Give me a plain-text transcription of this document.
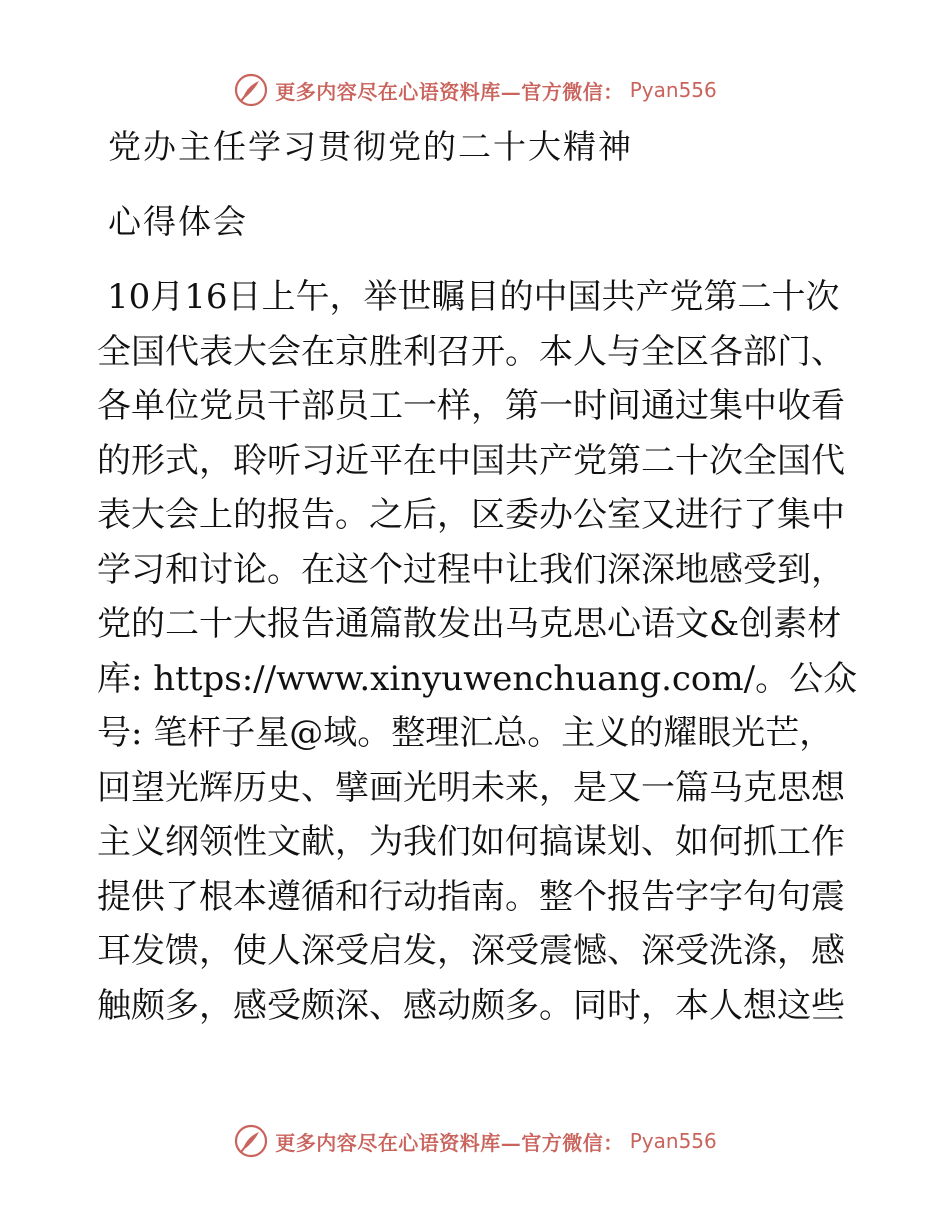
更多内容尽在心语资料库—官方微信： Pyan556
党办主任学习贯彻党的二十大精神
心得体会
10月16日上午，举世瞩目的中国共产党第二十次
全国代表大会在京胜利召开。本人与全区各部门、
各单位党员干部员工一样，第一时间通过集中收看
的形式，聆听习近平在中国共产党第二十次全国代
表大会上的报告。之后，区委办公室又进行了集中
学习和讨论。在这个过程中让我们深深地感受到，
党的二十大报告通篇散发出马克思心语文&创素材
库: https://www.xinyuwenchuang.com/。公众
号: 笔杆子星@域。整理汇总。主义的耀眼光芒，
回望光辉历史、擘画光明未来，是又一篇马克思想
主义纲领性文献，为我们如何搞谋划、如何抓工作
提供了根本遵循和行动指南。整个报告字字句句震
耳发馈，使人深受启发，深受震憾、深受洗涤，感
触颇多，感受颇深、感动颇多。同时，本人想这些
更多内容尽在心语资料库—官方微信： Pyan556
